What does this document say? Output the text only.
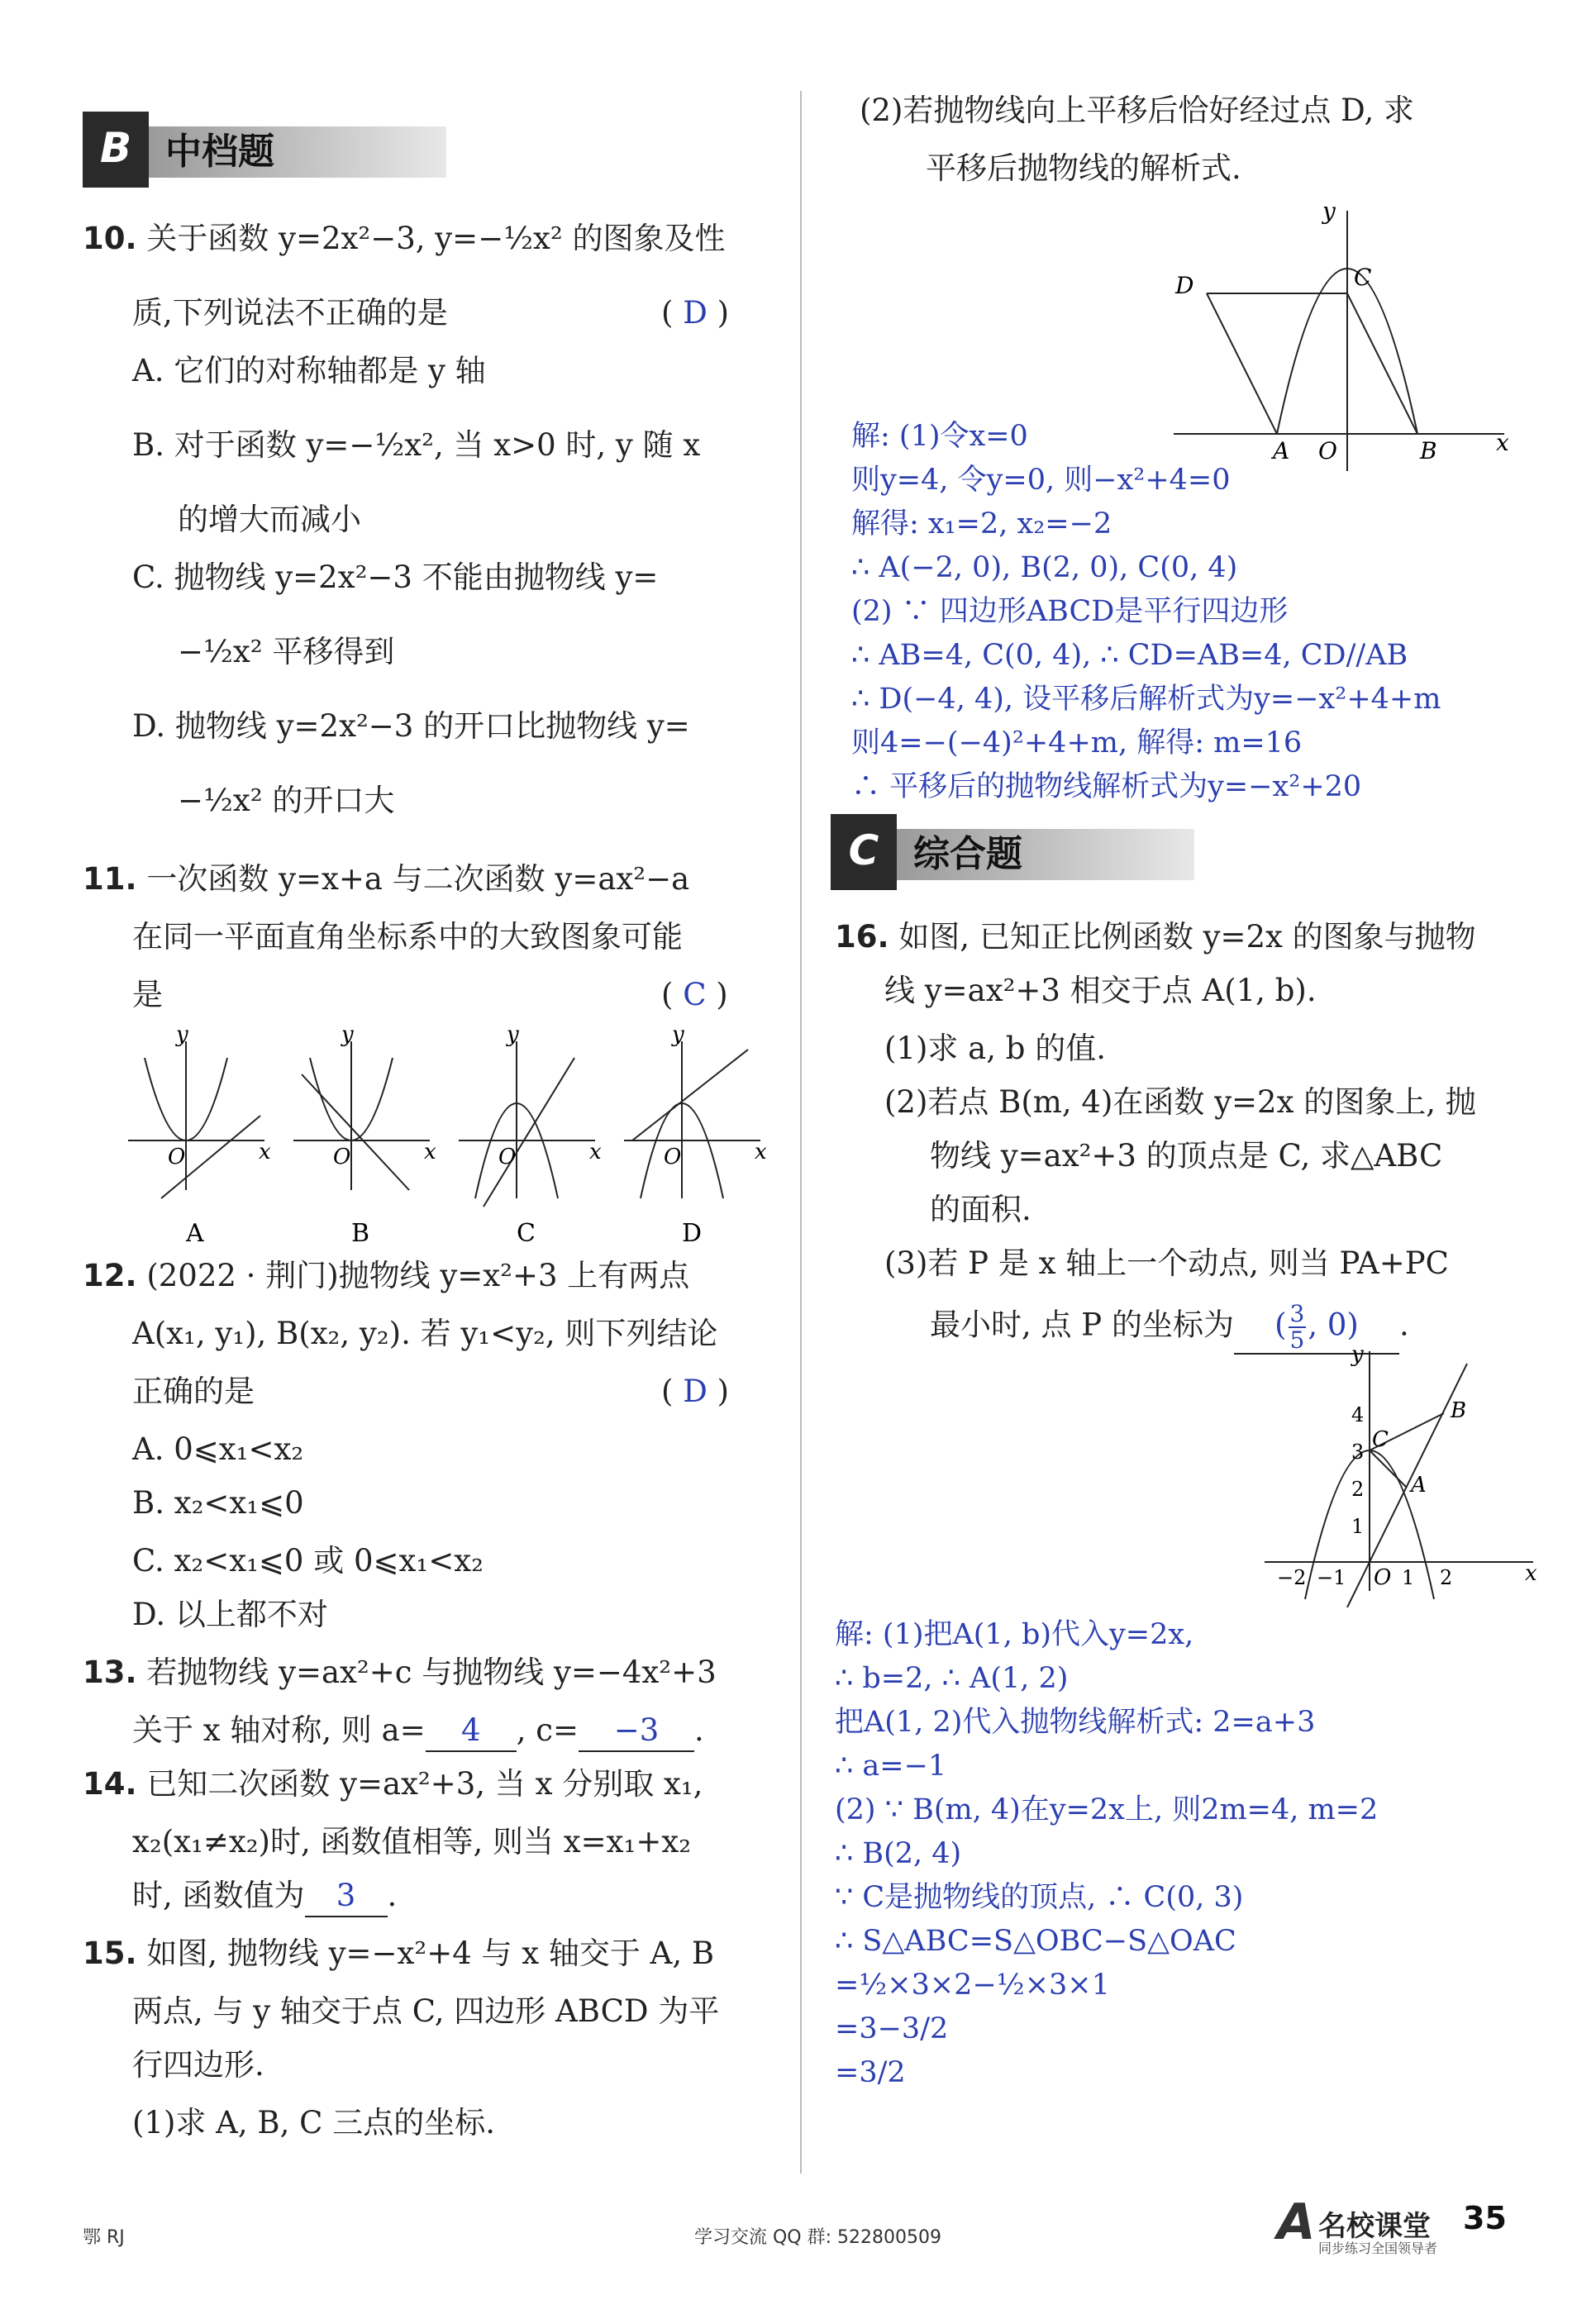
B 中档题
10. 关于函数 y=2x²−3, y=−½x² 的图象及性
质,下列说法不正确的是	( D )
A. 它们的对称轴都是 y 轴
B. 对于函数 y=−½x², 当 x>0 时, y 随 x
的增大而减小
C. 抛物线 y=2x²−3 不能由抛物线 y=
−½x² 平移得到
D. 抛物线 y=2x²−3 的开口比抛物线 y=
−½x² 的开口大
11. 一次函数 y=x+a 与二次函数 y=ax²−a
在同一平面直角坐标系中的大致图象可能
是	( C )
y
x
O
A
y
x
O
B
y
x
O
C
y
x
O
D
12. (2022 · 荆门)抛物线 y=x²+3 上有两点
A(x₁, y₁), B(x₂, y₂). 若 y₁<y₂, 则下列结论
正确的是	( D )
A. 0⩽x₁<x₂
B. x₂<x₁⩽0
C. x₂<x₁⩽0 或 0⩽x₁<x₂
D. 以上都不对
13. 若抛物线 y=ax²+c 与抛物线 y=−4x²+3
关于 x 轴对称, 则 a= 4 , c= −3 .
14. 已知二次函数 y=ax²+3, 当 x 分别取 x₁,
x₂(x₁≠x₂)时, 函数值相等, 则当 x=x₁+x₂
时, 函数值为 3 .
15. 如图, 抛物线 y=−x²+4 与 x 轴交于 A, B
两点, 与 y 轴交于点 C, 四边形 ABCD 为平
行四边形.
(1)求 A, B, C 三点的坐标.
(2)若抛物线向上平移后恰好经过点 D, 求
平移后抛物线的解析式.
y
x
D	C
A O	B
解: (1)令x=0
则y=4, 令y=0, 则−x²+4=0
解得: x₁=2, x₂=−2
∴ A(−2, 0), B(2, 0), C(0, 4)
(2) ∵ 四边形ABCD是平行四边形
∴ AB=4, C(0, 4), ∴ CD=AB=4, CD//AB
∴ D(−4, 4), 设平移后解析式为y=−x²+4+m
则4=−(−4)²+4+m, 解得: m=16
∴ 平移后的抛物线解析式为y=−x²+20
C 综合题
16. 如图, 已知正比例函数 y=2x 的图象与抛物
线 y=ax²+3 相交于点 A(1, b).
(1)求 a, b 的值.
(2)若点 B(m, 4)在函数 y=2x 的图象上, 抛
物线 y=ax²+3 的顶点是 C, 求△ABC
的面积.
(3)若 P 是 x 轴上一个动点, 则当 PA+PC
最小时, 点 P 的坐标为 ( $\frac{3}{5}$ , 0) .
y
x
4
3
2
1
C
A
B
−2 −1 O 1 2
解: (1)把A(1, b)代入y=2x,
∴ b=2, ∴ A(1, 2)
把A(1, 2)代入抛物线解析式: 2=a+3
∴ a=−1
(2) ∵ B(m, 4)在y=2x上, 则2m=4, m=2
∴ B(2, 4)
∵ C是抛物线的顶点, ∴ C(0, 3)
∴ S△ABC=S△OBC−S△OAC
=½×3×2−½×3×1
=3−3/2
=3/2
鄂 RJ	学习交流 QQ 群: 522800509	A 名校课堂
同步练习全国领导者
35
